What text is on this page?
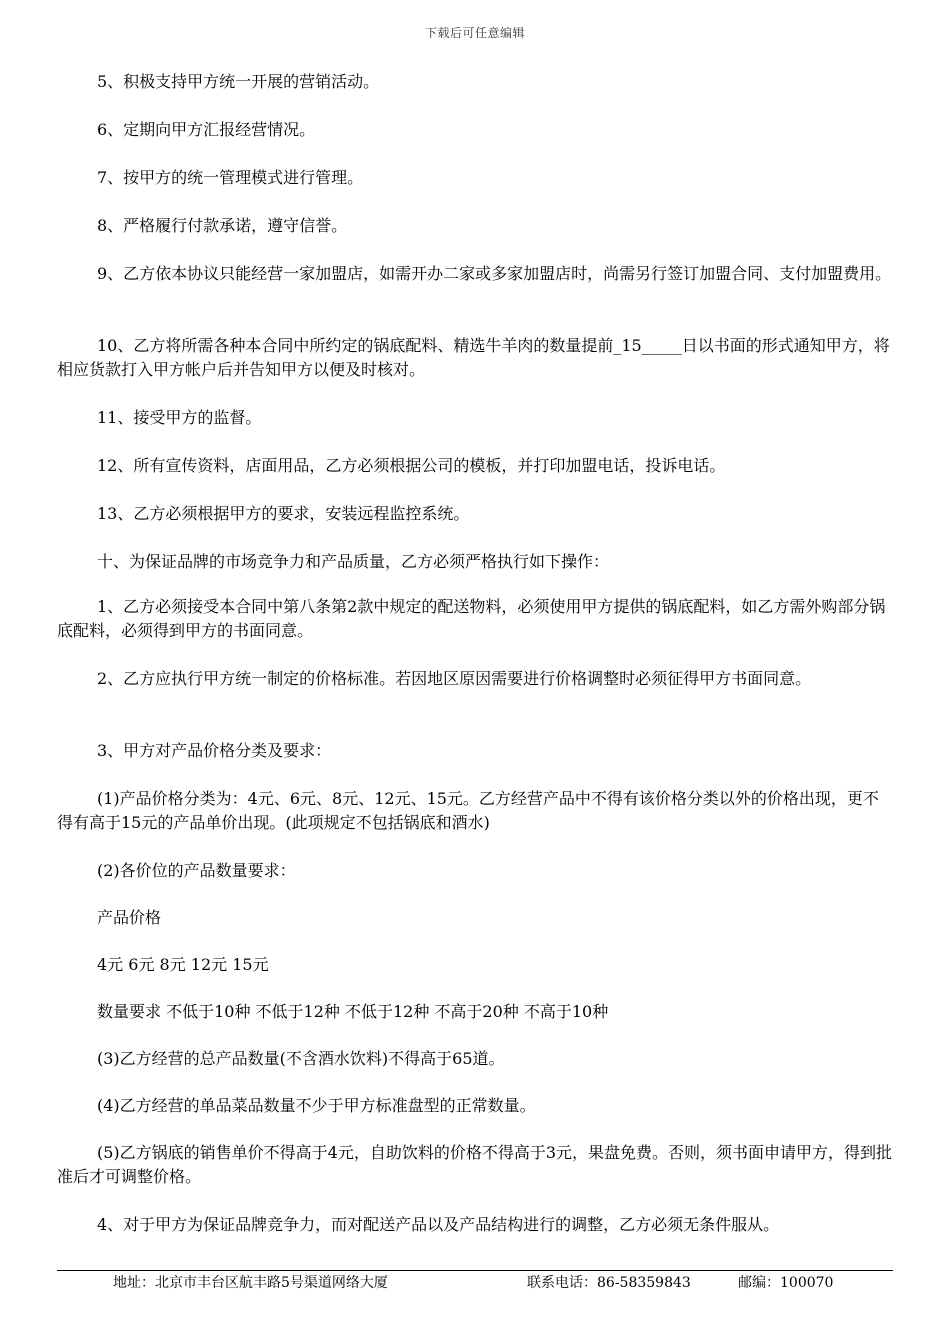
下载后可任意编辑
5、积极支持甲方统一开展的营销活动。
6、定期向甲方汇报经营情况。
7、按甲方的统一管理模式进行管理。
8、严格履行付款承诺，遵守信誉。
9、乙方依本协议只能经营一家加盟店，如需开办二家或多家加盟店时，尚需另行签订加盟合同、支付加盟费用。
10、乙方将所需各种本合同中所约定的锅底配料、精选牛羊肉的数量提前_15_____日以书面的形式通知甲方，将相应货款打入甲方帐户后并告知甲方以便及时核对。
11、接受甲方的监督。
12、所有宣传资料，店面用品，乙方必须根据公司的模板，并打印加盟电话，投诉电话。
13、乙方必须根据甲方的要求，安装远程监控系统。
十、为保证品牌的市场竞争力和产品质量，乙方必须严格执行如下操作：
1、乙方必须接受本合同中第八条第2款中规定的配送物料，必须使用甲方提供的锅底配料，如乙方需外购部分锅底配料，必须得到甲方的书面同意。
2、乙方应执行甲方统一制定的价格标准。若因地区原因需要进行价格调整时必须征得甲方书面同意。
3、甲方对产品价格分类及要求：
(1)产品价格分类为：4元、6元、8元、12元、15元。乙方经营产品中不得有该价格分类以外的价格出现，更不得有高于15元的产品单价出现。(此项规定不包括锅底和酒水)
(2)各价位的产品数量要求：
产品价格
4元 6元 8元 12元 15元
数量要求 不低于10种 不低于12种 不低于12种 不高于20种 不高于10种
(3)乙方经营的总产品数量(不含酒水饮料)不得高于65道。
(4)乙方经营的单品菜品数量不少于甲方标准盘型的正常数量。
(5)乙方锅底的销售单价不得高于4元，自助饮料的价格不得高于3元，果盘免费。否则，须书面申请甲方，得到批准后才可调整价格。
4、对于甲方为保证品牌竞争力，而对配送产品以及产品结构进行的调整，乙方必须无条件服从。
地址：北京市丰台区航丰路5号渠道网络大厦	联系电话：86-58359843	邮编：100070
